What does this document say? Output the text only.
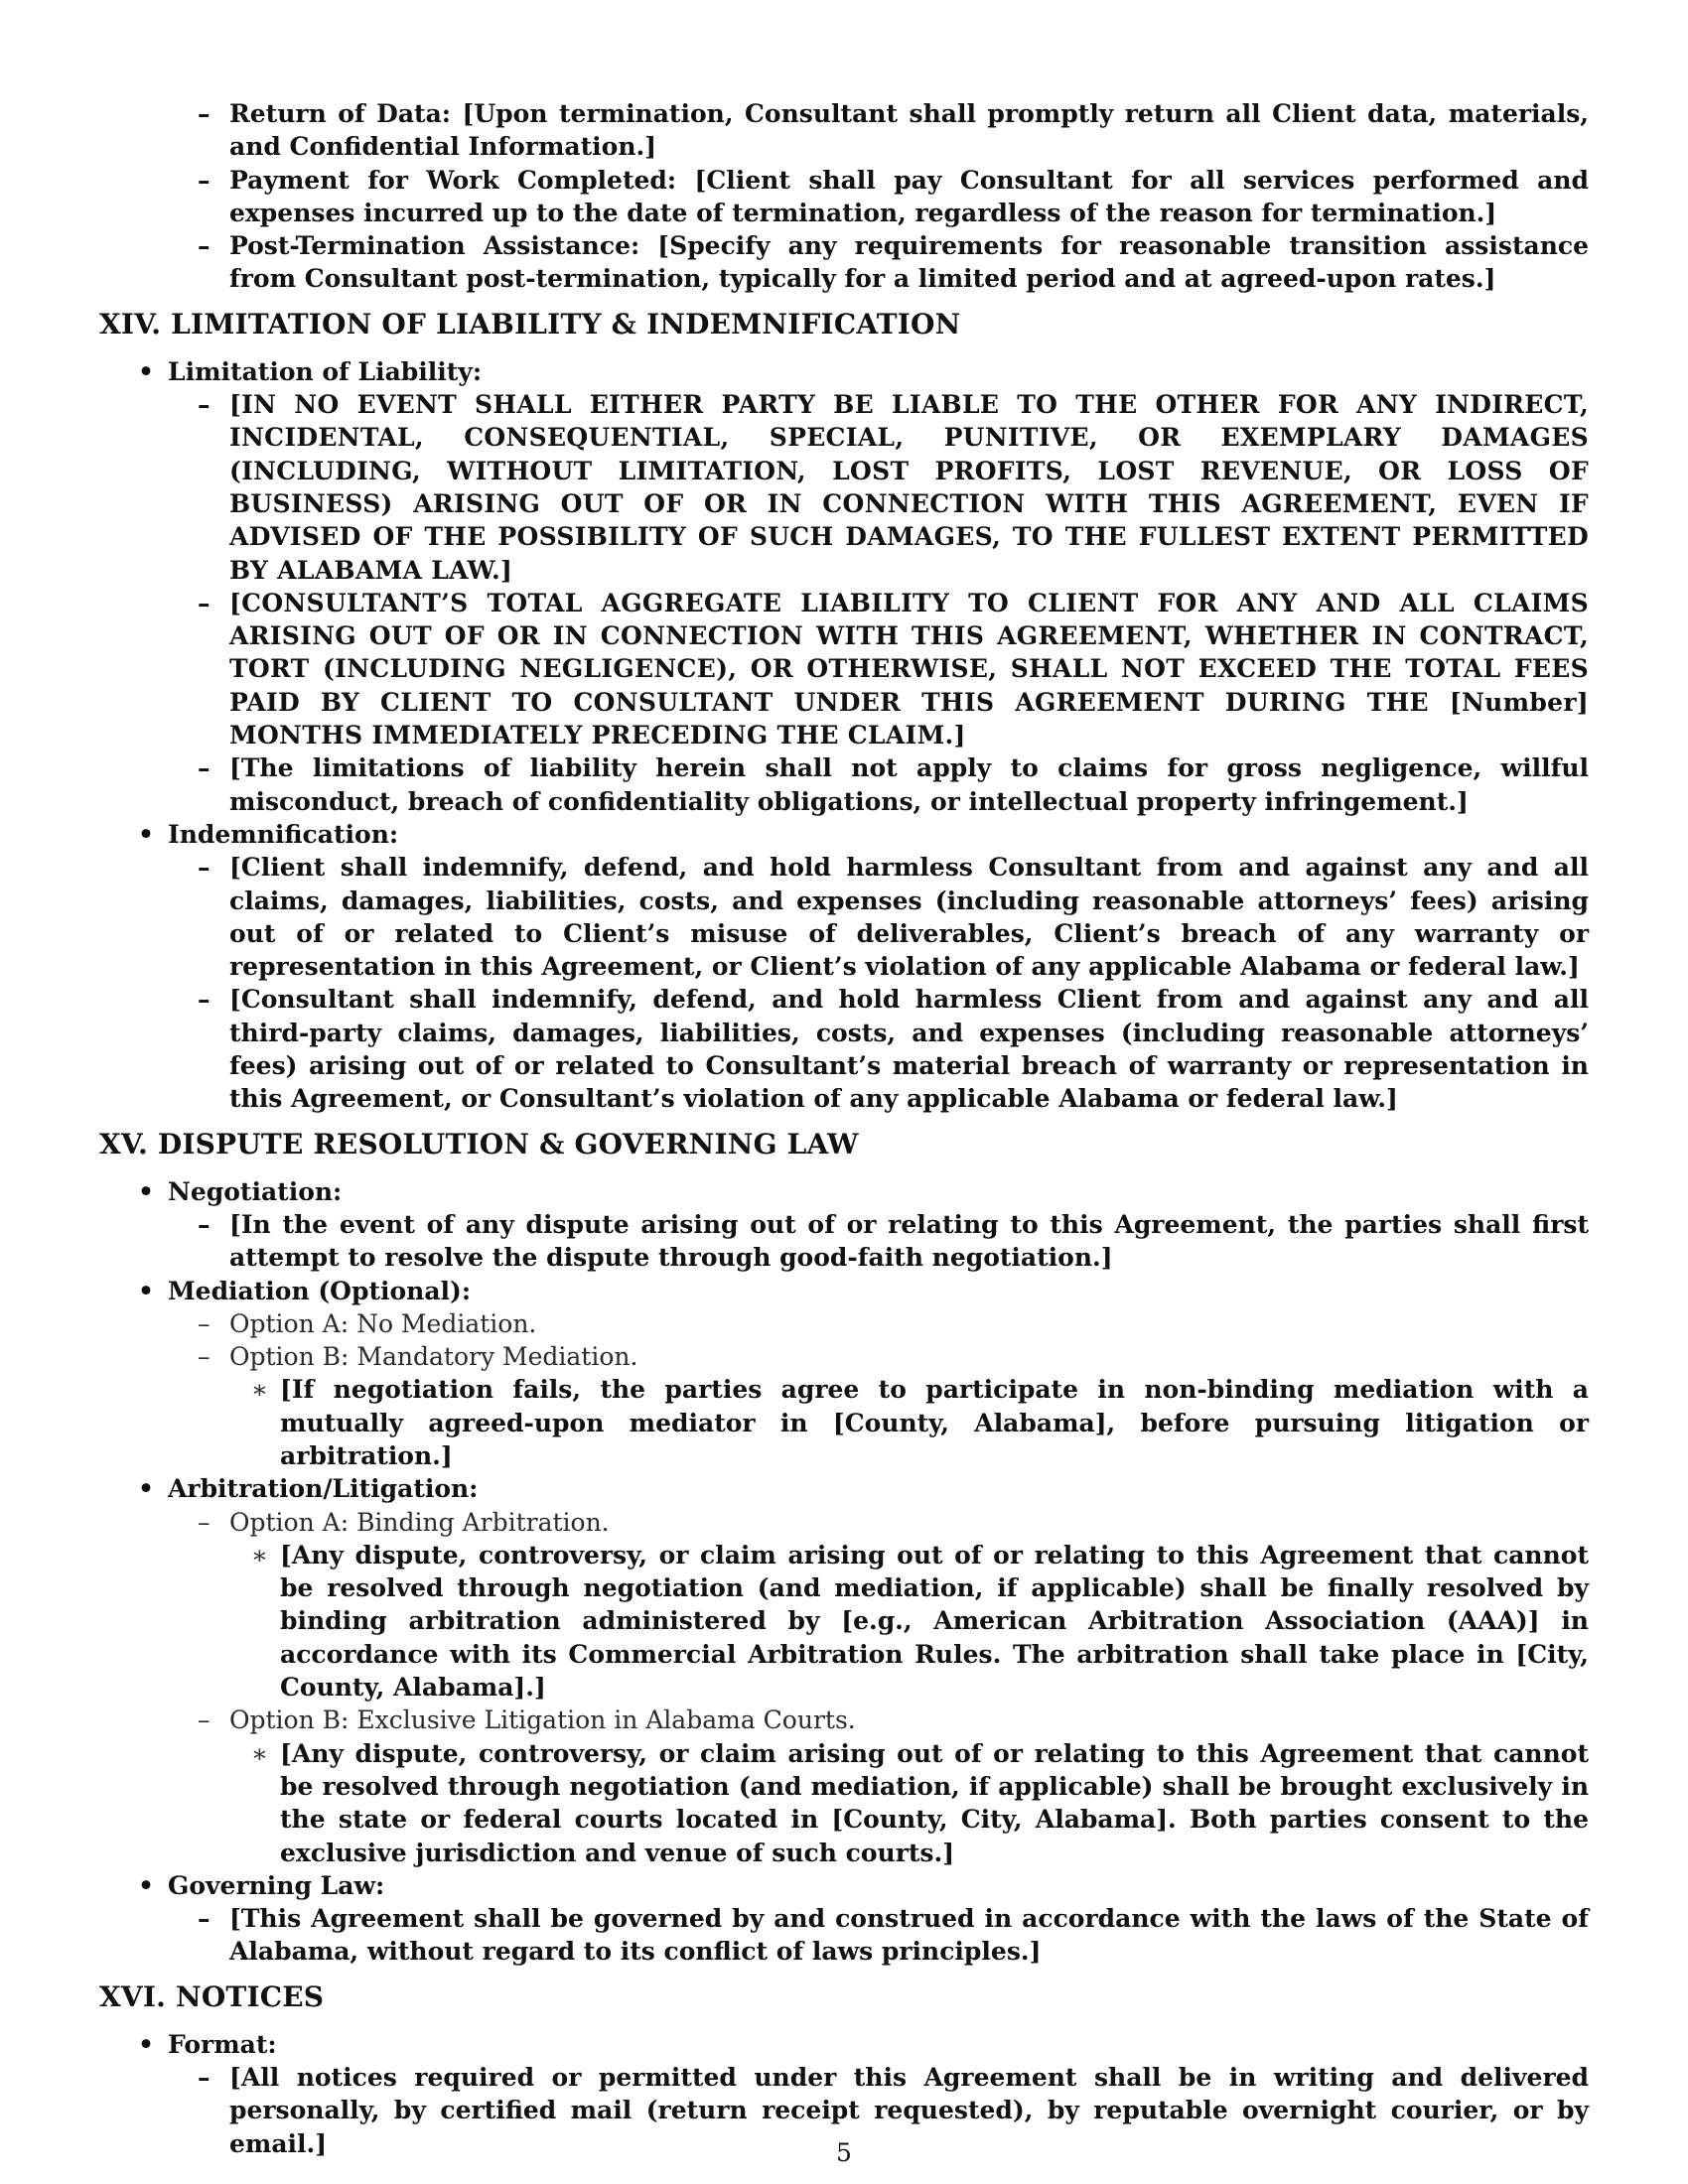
– Return of Data: [Upon termination, Consultant shall promptly return all Client data, materials, and Confidential Information.]
– Payment for Work Completed: [Client shall pay Consultant for all services performed and expenses incurred up to the date of termination, regardless of the reason for termination.]
– Post-Termination Assistance: [Specify any requirements for reasonable transition assistance from Consultant post-termination, typically for a limited period and at agreed-upon rates.]
XIV. LIMITATION OF LIABILITY & INDEMNIFICATION
• Limitation of Liability:
– [IN NO EVENT SHALL EITHER PARTY BE LIABLE TO THE OTHER FOR ANY INDIRECT, INCIDENTAL, CONSEQUENTIAL, SPECIAL, PUNITIVE, OR EXEMPLARY DAMAGES (INCLUDING, WITHOUT LIMITATION, LOST PROFITS, LOST REVENUE, OR LOSS OF BUSINESS) ARISING OUT OF OR IN CONNECTION WITH THIS AGREEMENT, EVEN IF ADVISED OF THE POSSIBILITY OF SUCH DAMAGES, TO THE FULLEST EXTENT PERMITTED BY ALABAMA LAW.]
– [CONSULTANT’S TOTAL AGGREGATE LIABILITY TO CLIENT FOR ANY AND ALL CLAIMS ARISING OUT OF OR IN CONNECTION WITH THIS AGREEMENT, WHETHER IN CONTRACT, TORT (INCLUDING NEGLIGENCE), OR OTHERWISE, SHALL NOT EXCEED THE TOTAL FEES PAID BY CLIENT TO CONSULTANT UNDER THIS AGREEMENT DURING THE [Number] MONTHS IMMEDIATELY PRECEDING THE CLAIM.]
– [The limitations of liability herein shall not apply to claims for gross negligence, willful misconduct, breach of confidentiality obligations, or intellectual property infringement.]
• Indemnification:
– [Client shall indemnify, defend, and hold harmless Consultant from and against any and all claims, damages, liabilities, costs, and expenses (including reasonable attorneys’ fees) arising out of or related to Client’s misuse of deliverables, Client’s breach of any warranty or representation in this Agreement, or Client’s violation of any applicable Alabama or federal law.]
– [Consultant shall indemnify, defend, and hold harmless Client from and against any and all third-party claims, damages, liabilities, costs, and expenses (including reasonable attorneys’ fees) arising out of or related to Consultant’s material breach of warranty or representation in this Agreement, or Consultant’s violation of any applicable Alabama or federal law.]
XV. DISPUTE RESOLUTION & GOVERNING LAW
• Negotiation:
– [In the event of any dispute arising out of or relating to this Agreement, the parties shall first attempt to resolve the dispute through good-faith negotiation.]
• Mediation (Optional):
– Option A: No Mediation.
– Option B: Mandatory Mediation.
∗ [If negotiation fails, the parties agree to participate in non-binding mediation with a mutually agreed-upon mediator in [County, Alabama], before pursuing litigation or arbitration.]
• Arbitration/Litigation:
– Option A: Binding Arbitration.
∗ [Any dispute, controversy, or claim arising out of or relating to this Agreement that cannot be resolved through negotiation (and mediation, if applicable) shall be finally resolved by binding arbitration administered by [e.g., American Arbitration Association (AAA)] in accordance with its Commercial Arbitration Rules. The arbitration shall take place in [City, County, Alabama].]
– Option B: Exclusive Litigation in Alabama Courts.
∗ [Any dispute, controversy, or claim arising out of or relating to this Agreement that cannot be resolved through negotiation (and mediation, if applicable) shall be brought exclusively in the state or federal courts located in [County, City, Alabama]. Both parties consent to the exclusive jurisdiction and venue of such courts.]
• Governing Law:
– [This Agreement shall be governed by and construed in accordance with the laws of the State of Alabama, without regard to its conflict of laws principles.]
XVI. NOTICES
• Format:
– [All notices required or permitted under this Agreement shall be in writing and delivered personally, by certified mail (return receipt requested), by reputable overnight courier, or by email.]	5
